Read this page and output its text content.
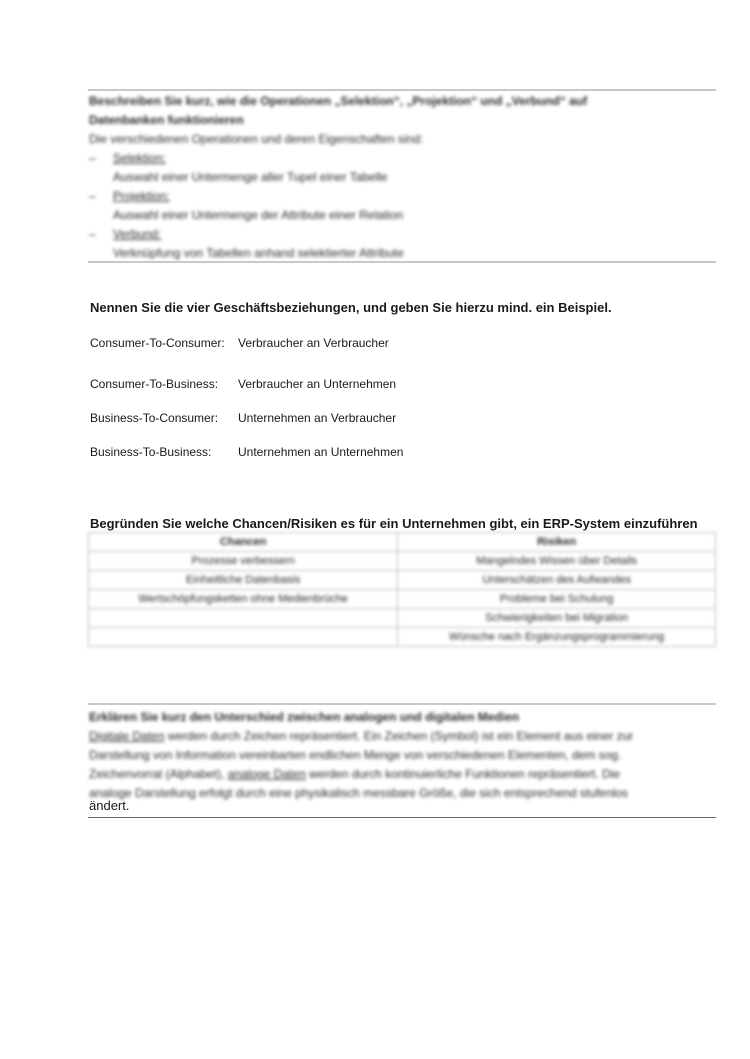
Beschreiben Sie kurz, wie die Operationen „Selektion“, „Projektion“ und „Verbund“ auf
Datenbanken funktionieren
Die verschiedenen Operationen und deren Eigenschaften sind:
–	Selektion:
Auswahl einer Untermenge aller Tupel einer Tabelle
–	Projektion:
Auswahl einer Untermenge der Attribute einer Relation
–	Verbund:
Verknüpfung von Tabellen anhand selektierter Attribute
Nennen Sie die vier Geschäftsbeziehungen, und geben Sie hierzu mind. ein Beispiel.
Consumer-To-Consumer: Verbraucher an Verbraucher
Consumer-To-Business: Verbraucher an Unternehmen
Business-To-Consumer: Unternehmen an Verbraucher
Business-To-Business: Unternehmen an Unternehmen
Begründen Sie welche Chancen/Risiken es für ein Unternehmen gibt, ein ERP-System einzuführen
Chancen	Risiken
Prozesse verbessern	Mangelndes Wissen über Details
Einheitliche Datenbasis	Unterschätzen des Aufwandes
Wertschöpfungsketten ohne Medienbrüche	Probleme bei Schulung
	Schwierigkeiten bei Migration
	Wünsche nach Ergänzungsprogrammierung
Erklären Sie kurz den Unterschied zwischen analogen und digitalen Medien
Digitale Daten werden durch Zeichen repräsentiert. Ein Zeichen (Symbol) ist ein Element aus einer zur
Darstellung von Information vereinbarten endlichen Menge von verschiedenen Elementen, dem sog.
Zeichenvorrat (Alphabet), analoge Daten werden durch kontinuierliche Funktionen repräsentiert. Die
analoge Darstellung erfolgt durch eine physikalisch messbare Größe, die sich entsprechend stufenlos
ändert.
